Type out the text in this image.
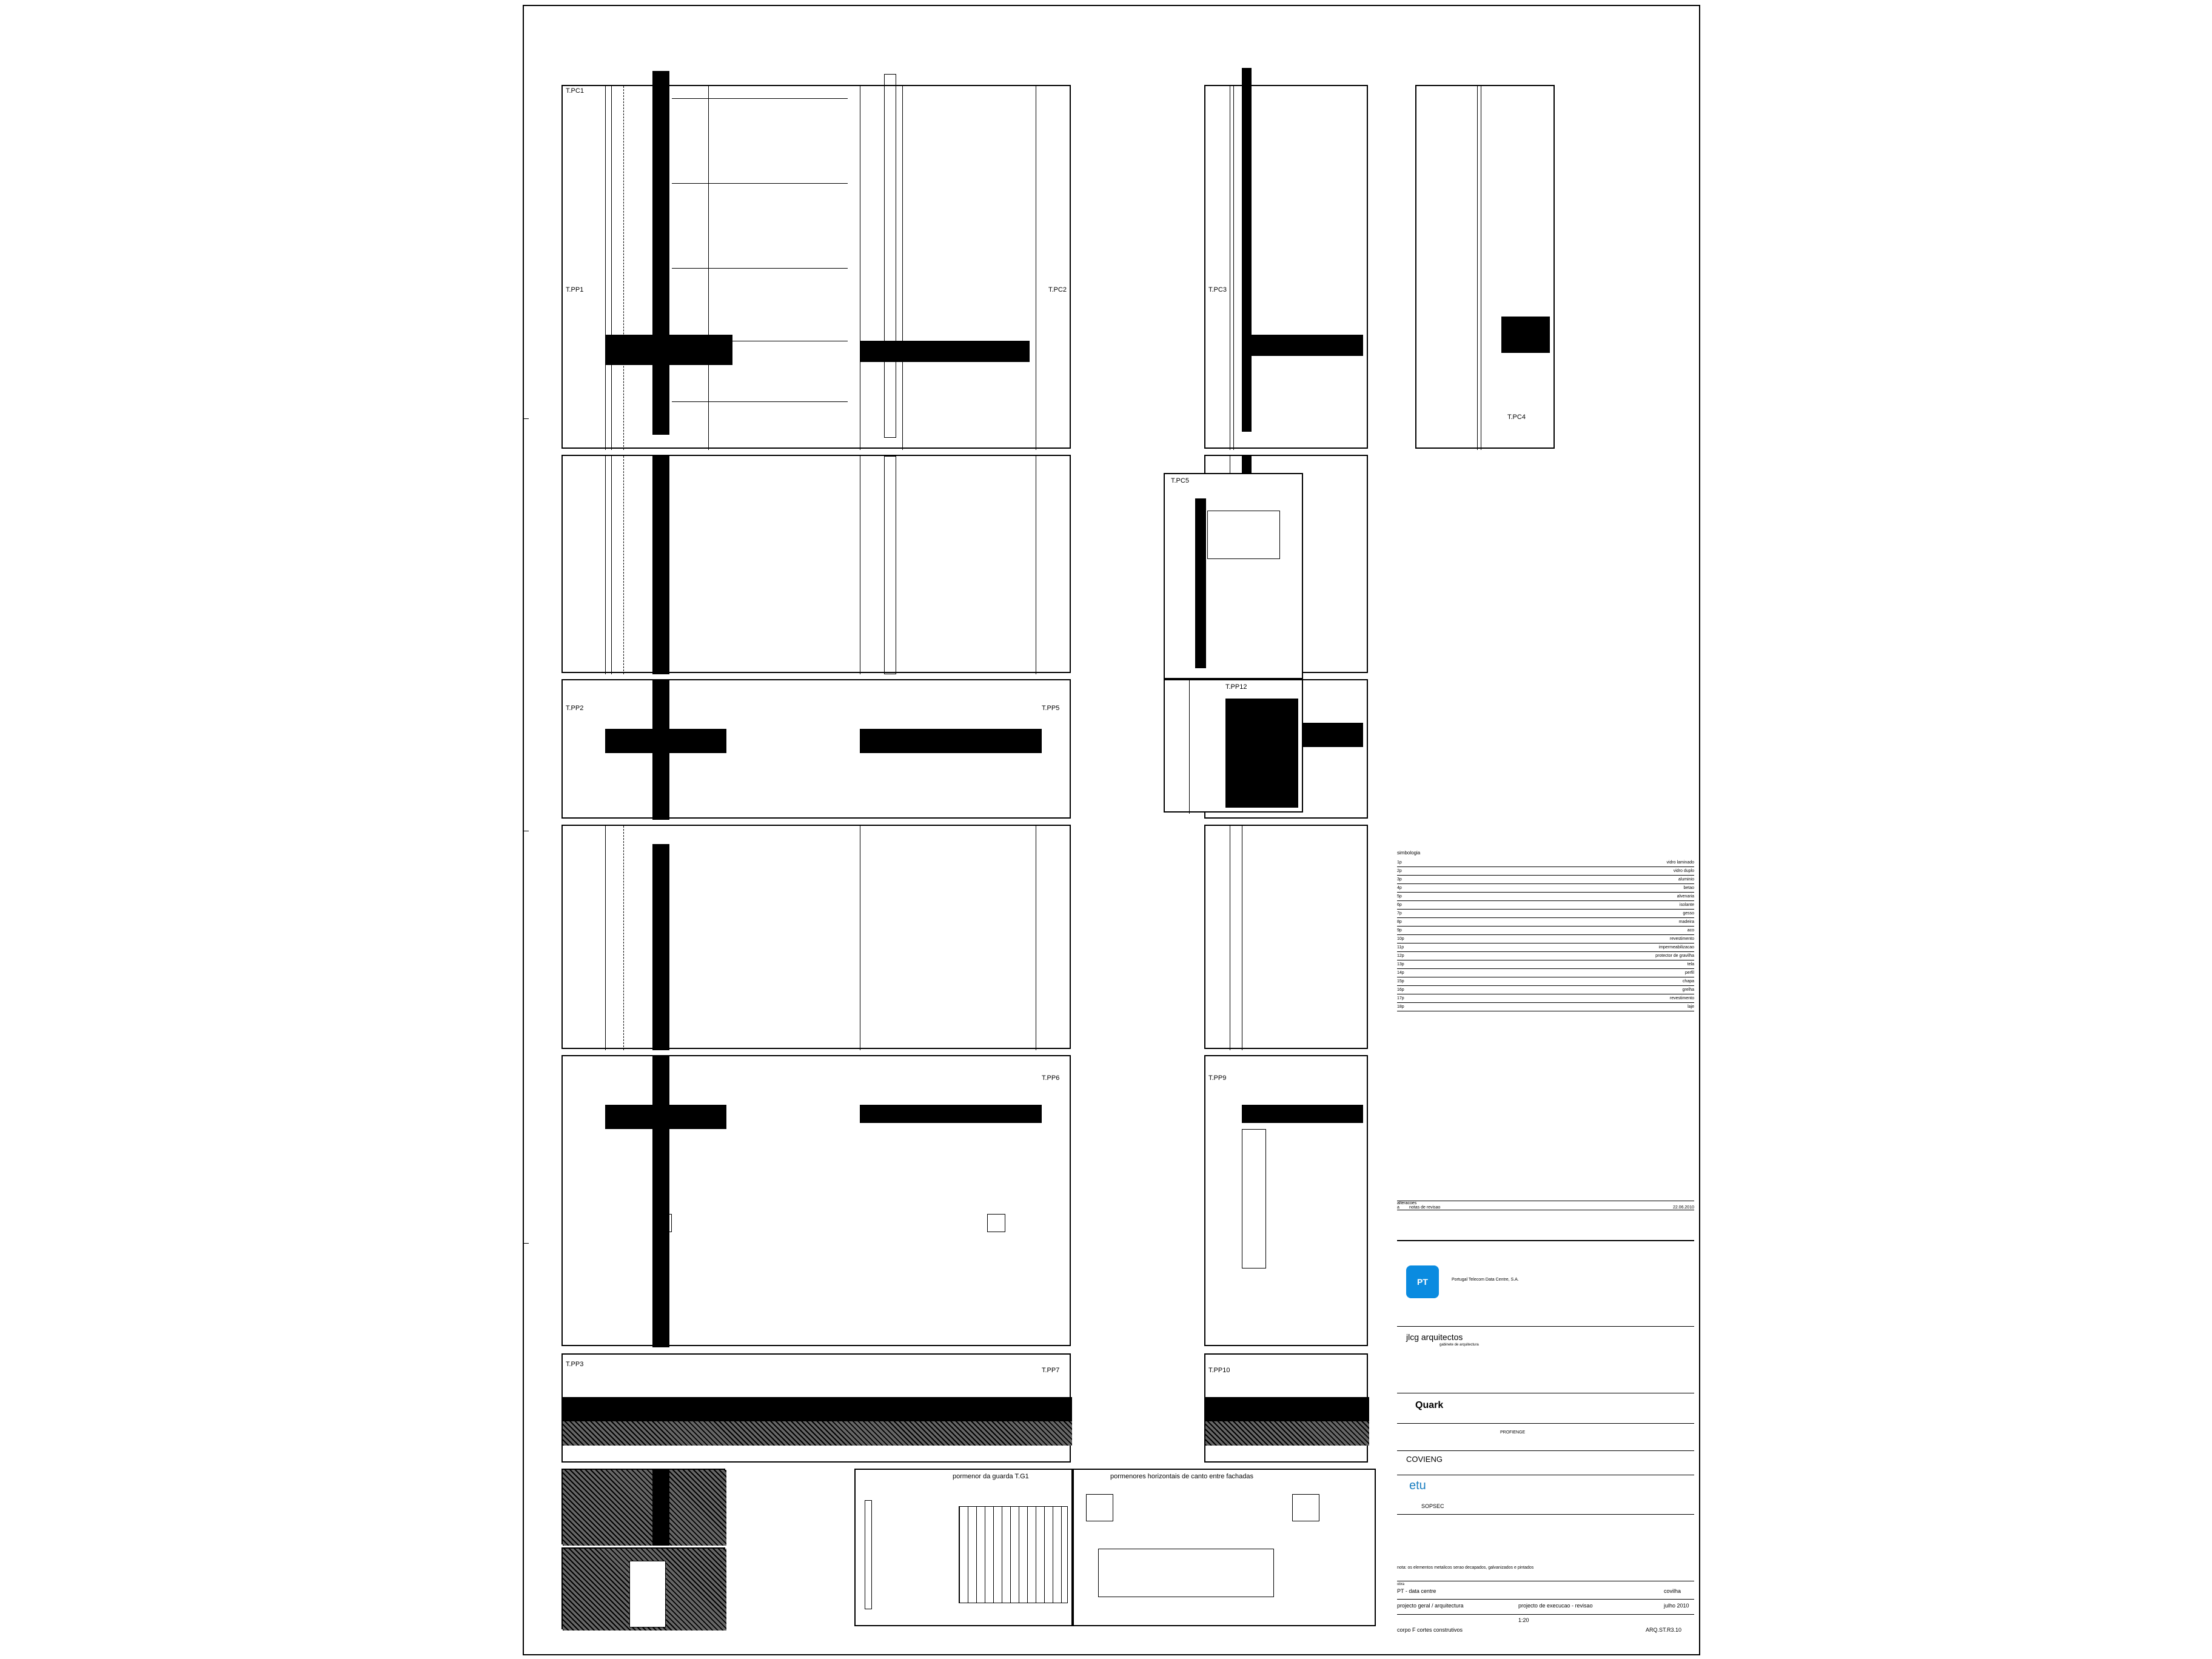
T.PC1
T.PP1
T.PP2	T.PP5
T.PP6
T.PP3
T.PP7
pormenor da guarda T.G1
T.PC3
T.PP9
T.PP10
pormenores horizontais de canto entre fachadas
T.PC2
T.PC4
T.PC5
T.PP12
simbologia
1p	vidro laminado
2p	vidro duplo
3p	aluminio
4p	betao
5p	alvenaria
6p	isolante
7p	gesso
8p	madeira
9p	aco
10p	revestimento
11p	impermeabilizacao
12p	protector de gravilha
13p	tela
14p	perfil
15p	chapa
16p	grelha
17p	revestimento
18p	laje
alteracoes
a	notas de revisao	22.06.2010
PT	Portugal Telecom Data Centre, S.A.
jlcg arquitectos
gabinete de arquitectura
Quark
PROFIENGE
COVIENG
etu
SOPSEC
nota: os elementos metalicos serao decapados, galvanizados e pintados
obra
PT - data centre	covilha
projecto geral / arquitectura	projecto de execucao - revisao	julho 2010
1:20
corpo F cortes construtivos	ARQ.ST.R3.10
